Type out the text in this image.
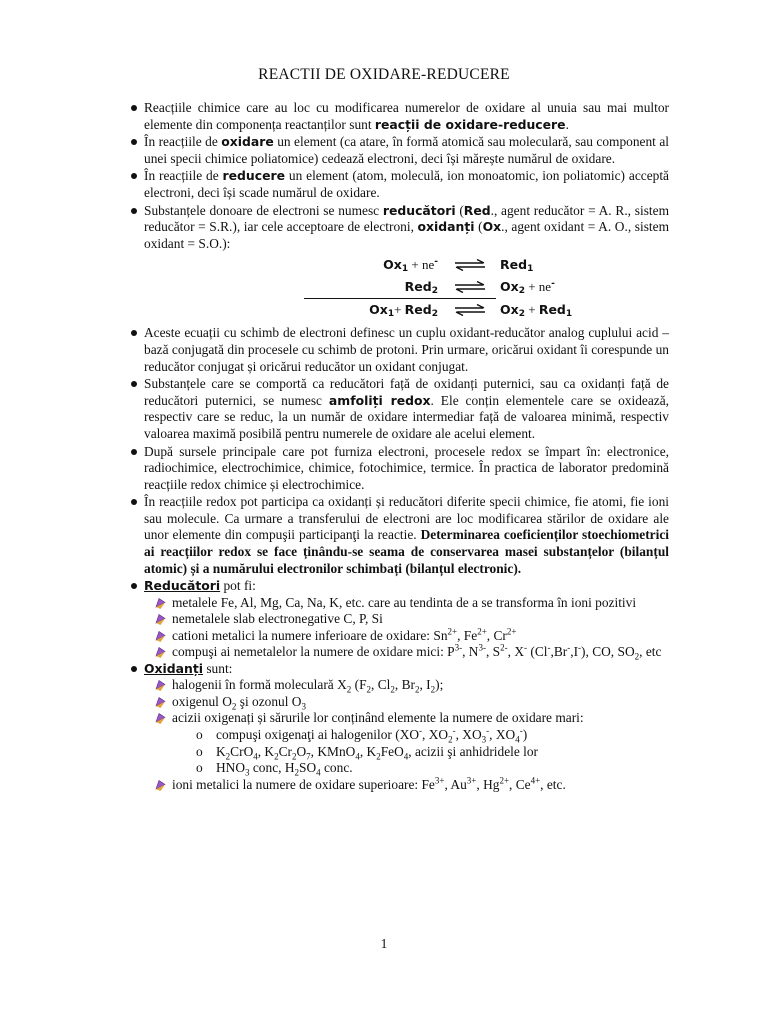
REACTII DE OXIDARE-REDUCERE
Reacțiile chimice care au loc cu modificarea numerelor de oxidare al unuia sau mai multor elemente din componența reactanților sunt reacții de oxidare-reducere.
În reacțiile de oxidare un element (ca atare, în formă atomică sau moleculară, sau component al unei specii chimice poliatomice) cedează electroni, deci își mărește numărul de oxidare.
În reacțiile de reducere un element (atom, moleculă, ion monoatomic, ion poliatomic) acceptă electroni, deci își scade numărul de oxidare.
Substanțele donoare de electroni se numesc reducători (Red., agent reducător = A. R., sistem reducător = S.R.), iar cele acceptoare de electroni, oxidanți (Ox., agent oxidant = A. O., sistem oxidant = S.O.):
Ox1 + ne-	Red1
Red2	Ox2 + ne-
Ox1+ Red2	Ox2 + Red1
Aceste ecuații cu schimb de electroni definesc un cuplu oxidant-reducător analog cuplului acid – bază conjugată din procesele cu schimb de protoni. Prin urmare, oricărui oxidant îi corespunde un reducător conjugat și oricărui reducător un oxidant conjugat.
Substanțele care se comportă ca reducători față de oxidanți puternici, sau ca oxidanți față de reducători puternici, se numesc amfoliți redox. Ele conțin elementele care se oxidează, respectiv care se reduc, la un număr de oxidare intermediar față de valoarea minimă, respectiv valoarea maximă posibilă pentru numerele de oxidare ale acelui element.
După sursele principale care pot furniza electroni, procesele redox se împart în: electronice, radiochimice, electrochimice, chimice, fotochimice, termice. În practica de laborator predomină reacțiile redox chimice și electrochimice.
În reacțiile redox pot participa ca oxidanți și reducători diferite specii chimice, fie atomi, fie ioni sau molecule. Ca urmare a transferului de electroni are loc modificarea stărilor de oxidare ale unor elemente din compuşii participanţi la reactie. Determinarea coeficienților stoechiometrici ai reacțiilor redox se face ținându-se seama de conservarea masei substanțelor (bilanțul atomic) și a numărului electronilor schimbați (bilanțul electronic).
Reducători pot fi:
metalele Fe, Al, Mg, Ca, Na, K, etc. care au tendinta de a se transforma în ioni pozitivi
nemetalele slab electronegative C, P, Si
cationi metalici la numere inferioare de oxidare: $Sn^{2+}$, $Fe^{2+}$, $Cr^{2+}$
compuşi ai nemetalelor la numere de oxidare mici: $P^{3-}$, $N^{3-}$, $S^{2-}$, X- (Cl-,Br-,I-), CO, $SO_2$, etc
Oxidanți sunt:
halogenii în formă moleculară $X_2$ ($F_2$, $Cl_2$, $Br_2$, $I_2$);
oxigenul $O_2$ şi ozonul $O_3$
acizii oxigenați și sărurile lor conținând elemente la numere de oxidare mari:
o compuşi oxigenaţi ai halogenilor (XO-, $XO_2^-$, $XO_3^-$, $XO_4^-$)
o $K_2CrO_4$, $K_2Cr_2O_7$, KMnO$_4$, $K_2FeO_4$, acizii şi anhidridele lor
o $HNO_3$ conc, $H_2SO_4$ conc.
ioni metalici la numere de oxidare superioare: $Fe^{3+}$, $Au^{3+}$, $Hg^{2+}$, $Ce^{4+}$, etc.
1
